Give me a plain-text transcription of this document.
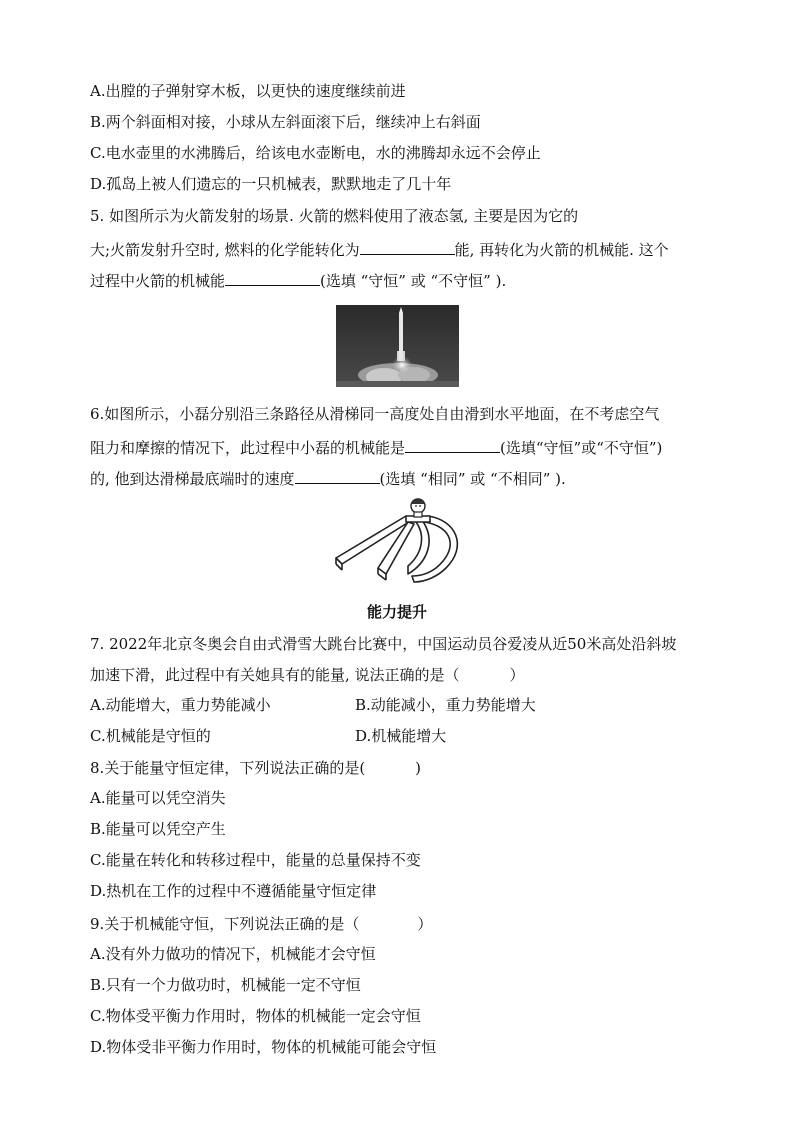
A.出膛的子弹射穿木板，以更快的速度继续前进
B.两个斜面相对接，小球从左斜面滚下后，继续冲上右斜面
C.电水壶里的水沸腾后，给该电水壶断电，水的沸腾却永远不会停止
D.孤岛上被人们遗忘的一只机械表，默默地走了几十年
5. 如图所示为火箭发射的场景. 火箭的燃料使用了液态氢, 主要是因为它的
大;火箭发射升空时, 燃料的化学能转化为	能, 再转化为火箭的机械能. 这个
过程中火箭的机械能	(选填 “守恒” 或 “不守恒” ).
6.如图所示，小磊分别沿三条路径从滑梯同一高度处自由滑到水平地面，在不考虑空气
阻力和摩擦的情况下，此过程中小磊的机械能是	(选填“守恒”或“不守恒”)
的, 他到达滑梯最底端时的速度	(选填 “相同” 或 “不相同” ).
能力提升
7. 2022年北京冬奥会自由式滑雪大跳台比赛中，中国运动员谷爱凌从近50米高处沿斜坡
加速下滑，此过程中有关她具有的能量, 说法正确的是（	）
A.动能增大，重力势能减小	B.动能减小，重力势能增大
C.机械能是守恒的	D.机械能增大
8.关于能量守恒定律，下列说法正确的是(	)
A.能量可以凭空消失
B.能量可以凭空产生
C.能量在转化和转移过程中，能量的总量保持不变
D.热机在工作的过程中不遵循能量守恒定律
9.关于机械能守恒，下列说法正确的是（	）
A.没有外力做功的情况下，机械能才会守恒
B.只有一个力做功时，机械能一定不守恒
C.物体受平衡力作用时，物体的机械能一定会守恒
D.物体受非平衡力作用时，物体的机械能可能会守恒
